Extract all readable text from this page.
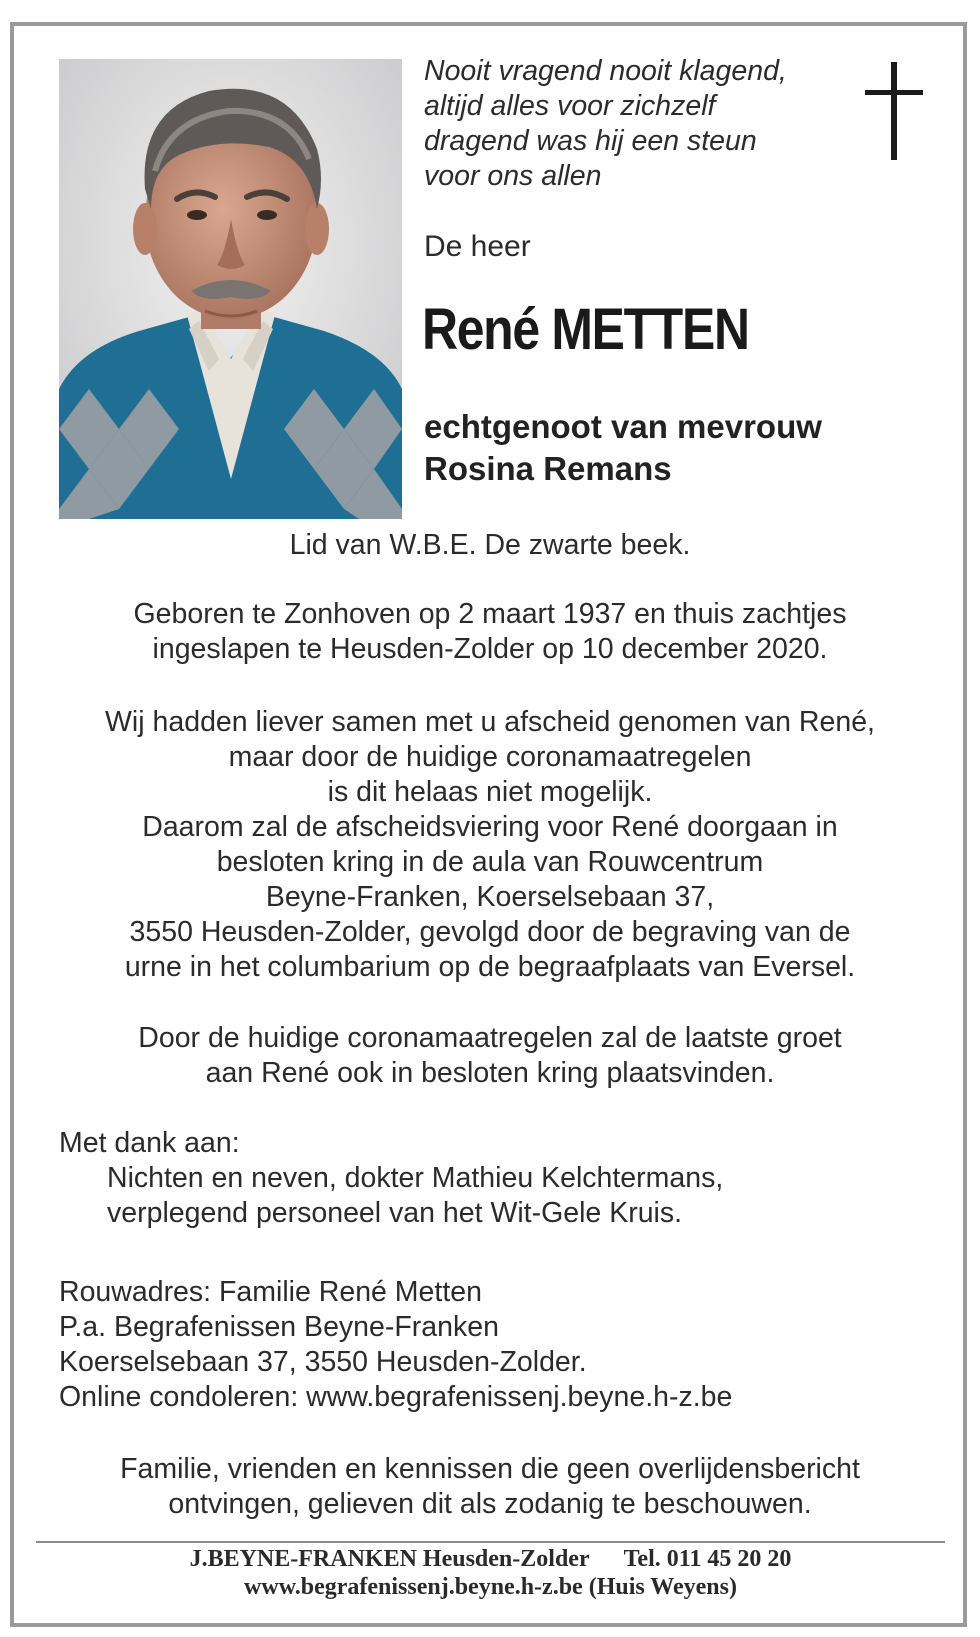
Nooit vragend nooit klagend,
altijd alles voor zichzelf
dragend was hij een steun
voor ons allen
De heer
René METTEN
echtgenoot van mevrouw
Rosina Remans
Lid van W.B.E. De zwarte beek.
Geboren te Zonhoven op 2 maart 1937 en thuis zachtjes
ingeslapen te Heusden-Zolder op 10 december 2020.
Wij hadden liever samen met u afscheid genomen van René,
maar door de huidige coronamaatregelen
is dit helaas niet mogelijk.
Daarom zal de afscheidsviering voor René doorgaan in
besloten kring in de aula van Rouwcentrum
Beyne-Franken, Koerselsebaan 37,
3550 Heusden-Zolder, gevolgd door de begraving van de
urne in het columbarium op de begraafplaats van Eversel.
Door de huidige coronamaatregelen zal de laatste groet
aan René ook in besloten kring plaatsvinden.
Met dank aan:
Nichten en neven, dokter Mathieu Kelchtermans,
verplegend personeel van het Wit-Gele Kruis.
Rouwadres: Familie René Metten
P.a. Begrafenissen Beyne-Franken
Koerselsebaan 37, 3550 Heusden-Zolder.
Online condoleren: www.begrafenissenj.beyne.h-z.be
Familie, vrienden en kennissen die geen overlijdensbericht
ontvingen, gelieven dit als zodanig te beschouwen.
J.BEYNE-FRANKEN Heusden-Zolder Tel. 011 45 20 20
www.begrafenissenj.beyne.h-z.be (Huis Weyens)
